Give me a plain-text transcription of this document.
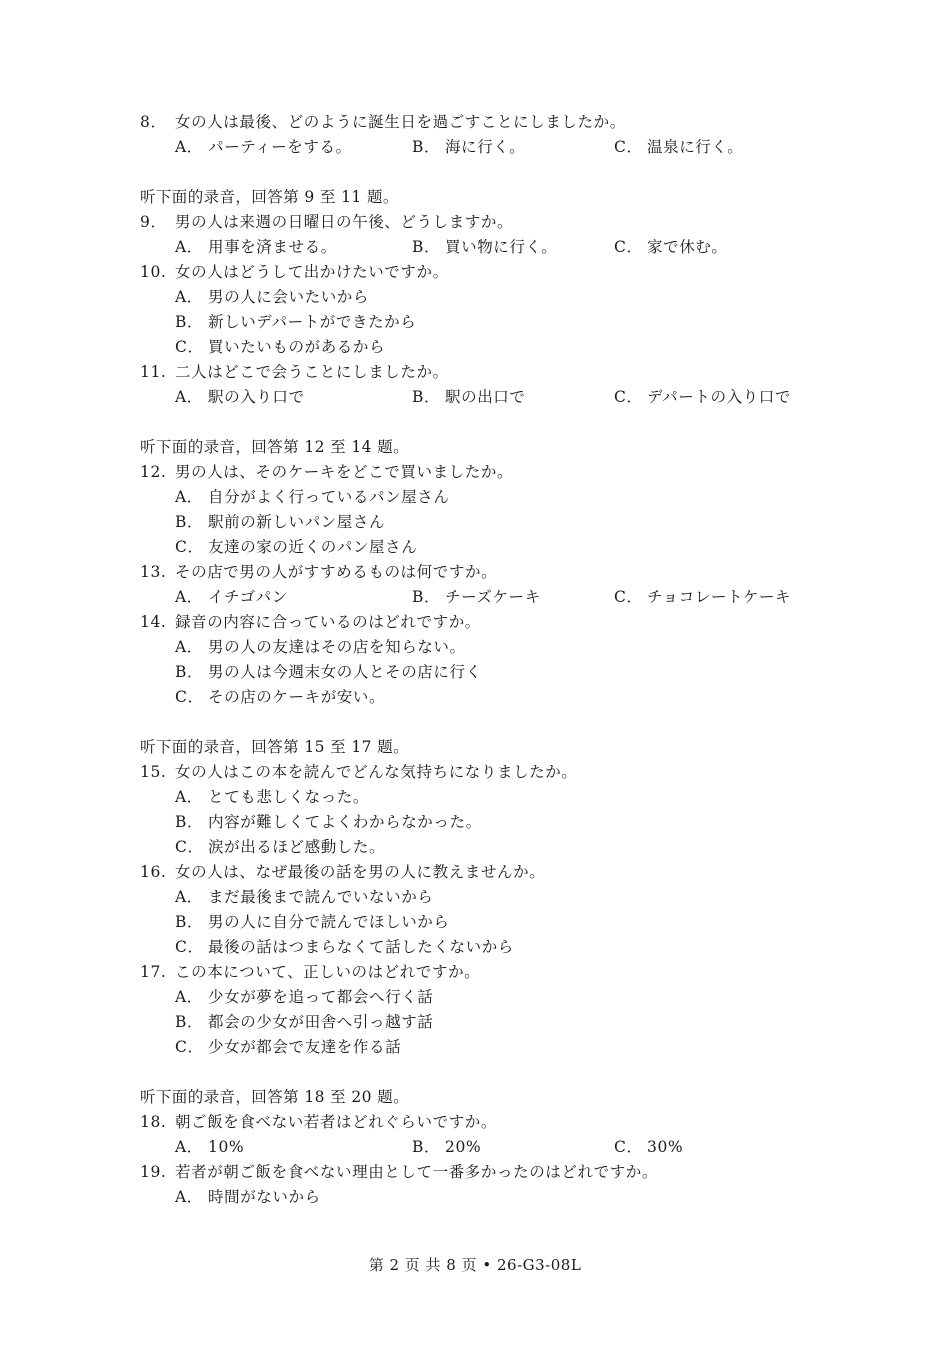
8． 女の人は最後、どのように誕生日を過ごすことにしましたか。
A． パーティーをする。	B． 海に行く。	C． 温泉に行く。
听下面的录音，回答第 9 至 11 题。
9． 男の人は来週の日曜日の午後、どうしますか。
A． 用事を済ませる。	B． 買い物に行く。	C． 家で休む。
10. 女の人はどうして出かけたいですか。
A． 男の人に会いたいから
B． 新しいデパートができたから
C． 買いたいものがあるから
11. 二人はどこで会うことにしましたか。
A． 駅の入り口で	B． 駅の出口で	C． デパートの入り口で
听下面的录音，回答第 12 至 14 题。
12. 男の人は、そのケーキをどこで買いましたか。
A． 自分がよく行っているパン屋さん
B． 駅前の新しいパン屋さん
C． 友達の家の近くのパン屋さん
13. その店で男の人がすすめるものは何ですか。
A． イチゴパン	B． チーズケーキ	C． チョコレートケーキ
14. 録音の内容に合っているのはどれですか。
A． 男の人の友達はその店を知らない。
B． 男の人は今週末女の人とその店に行く
C． その店のケーキが安い。
听下面的录音，回答第 15 至 17 题。
15. 女の人はこの本を読んでどんな気持ちになりましたか。
A． とても悲しくなった。
B． 内容が難しくてよくわからなかった。
C． 涙が出るほど感動した。
16. 女の人は、なぜ最後の話を男の人に教えませんか。
A． まだ最後まで読んでいないから
B． 男の人に自分で読んでほしいから
C． 最後の話はつまらなくて話したくないから
17. この本について、正しいのはどれですか。
A． 少女が夢を追って都会へ行く話
B． 都会の少女が田舎へ引っ越す話
C． 少女が都会で友達を作る話
听下面的录音，回答第 18 至 20 题。
18. 朝ご飯を食べない若者はどれぐらいですか。
A． 10%	B． 20%	C． 30%
19. 若者が朝ご飯を食べない理由として一番多かったのはどれですか。
A． 時間がないから
第 2 页 共 8 页 • 26-G3-08L
